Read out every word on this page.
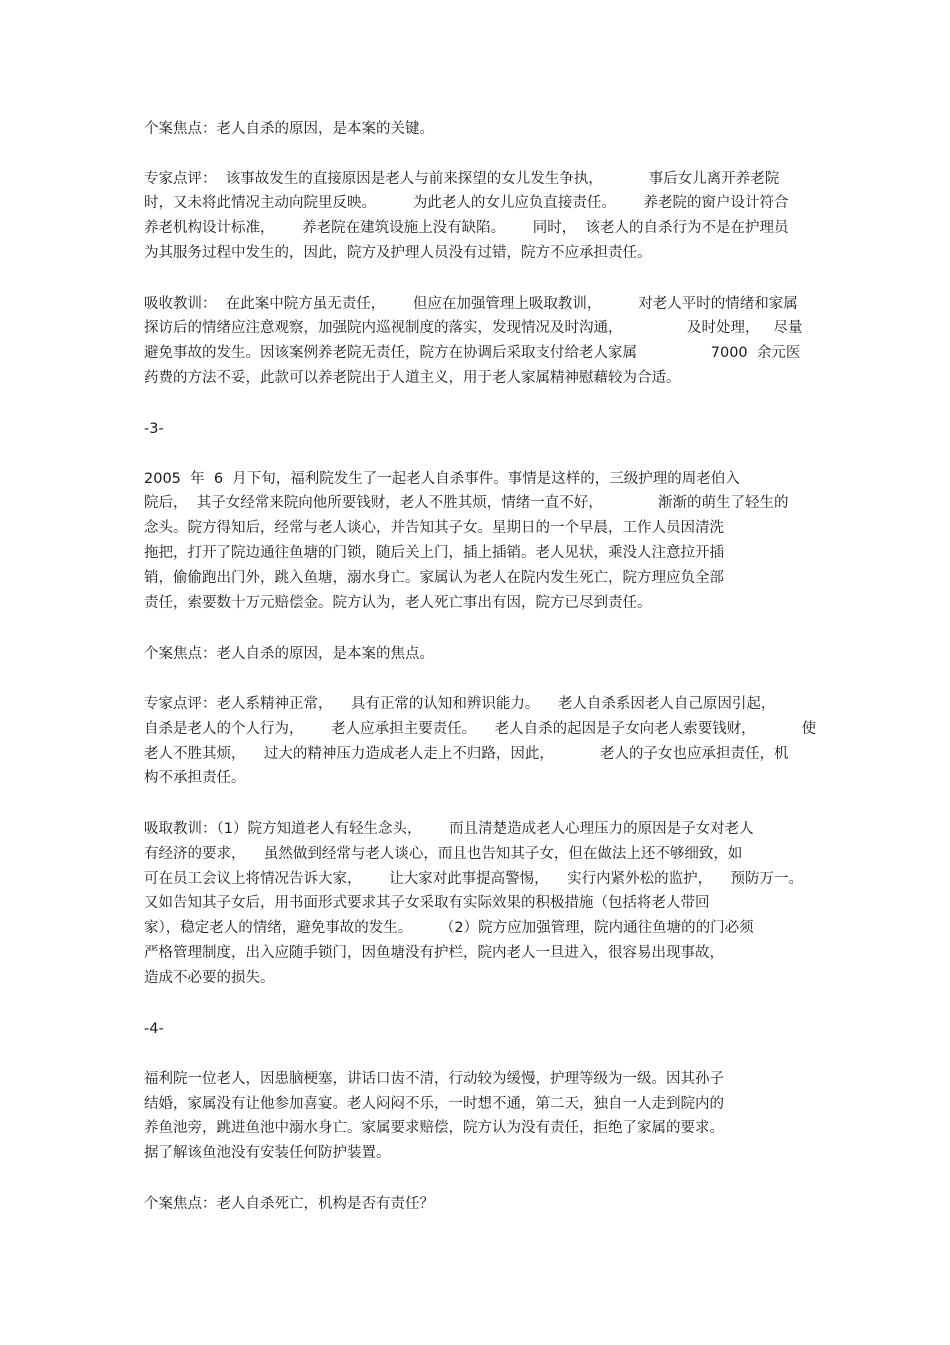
个案焦点：老人自杀的原因，是本案的关键。
专家点评：  该事故发生的直接原因是老人与前来探望的女儿发生争执，          事后女儿离开养老院
时，又未将此情况主动向院里反映。        为此老人的女儿应负直接责任。      养老院的窗户设计符合
养老机构设计标准，      养老院在建筑设施上没有缺陷。      同时，  该老人的自杀行为不是在护理员
为其服务过程中发生的，因此，院方及护理人员没有过错，院方不应承担责任。
吸收教训：  在此案中院方虽无责任，      但应在加强管理上吸取教训，        对老人平时的情绪和家属
探访后的情绪应注意观察，加强院内巡视制度的落实，发现情况及时沟通，              及时处理，   尽量
避免事故的发生。因该案例养老院无责任，院方在协调后采取支付给老人家属                7000  余元医
药费的方法不妥，此款可以养老院出于人道主义，用于老人家属精神慰藉较为合适。
-3-
2005  年  6  月下旬，福利院发生了一起老人自杀事件。事情是这样的，三级护理的周老伯入
院后，  其子女经常来院向他所要钱财，老人不胜其烦，情绪一直不好，            渐渐的萌生了轻生的
念头。院方得知后，经常与老人谈心，并告知其子女。星期日的一个早晨，工作人员因清洗
拖把，打开了院边通往鱼塘的门锁，随后关上门，插上插销。老人见状，乘没人注意拉开插
销，偷偷跑出门外，跳入鱼塘，溺水身亡。家属认为老人在院内发生死亡，院方理应负全部
责任，索要数十万元赔偿金。院方认为，老人死亡事出有因，院方已尽到责任。
个案焦点：老人自杀的原因，是本案的焦点。
专家点评：老人系精神正常，    具有正常的认知和辨识能力。    老人自杀系因老人自己原因引起，
自杀是老人的个人行为，      老人应承担主要责任。    老人自杀的起因是子女向老人索要钱财，          使
老人不胜其烦，    过大的精神压力造成老人走上不归路，因此，          老人的子女也应承担责任，机
构不承担责任。
吸取教训：（1）院方知道老人有轻生念头，      而且清楚造成老人心理压力的原因是子女对老人
有经济的要求，    虽然做到经常与老人谈心，而且也告知其子女，但在做法上还不够细致，如
可在员工会议上将情况告诉大家，      让大家对此事提高警惕，    实行内紧外松的监护，    预防万一。
又如告知其子女后，用书面形式要求其子女采取有实际效果的积极措施（包括将老人带回
家），稳定老人的情绪，避免事故的发生。      （2）院方应加强管理，院内通往鱼塘的的门必须
严格管理制度，出入应随手锁门，因鱼塘没有护栏，院内老人一旦进入，很容易出现事故，
造成不必要的损失。
-4-
福利院一位老人，因患脑梗塞，讲话口齿不清，行动较为缓慢，护理等级为一级。因其孙子
结婚，家属没有让他参加喜宴。老人闷闷不乐，一时想不通，第二天，独自一人走到院内的
养鱼池旁，跳进鱼池中溺水身亡。家属要求赔偿，院方认为没有责任，拒绝了家属的要求。
据了解该鱼池没有安装任何防护装置。
个案焦点：老人自杀死亡，机构是否有责任？
